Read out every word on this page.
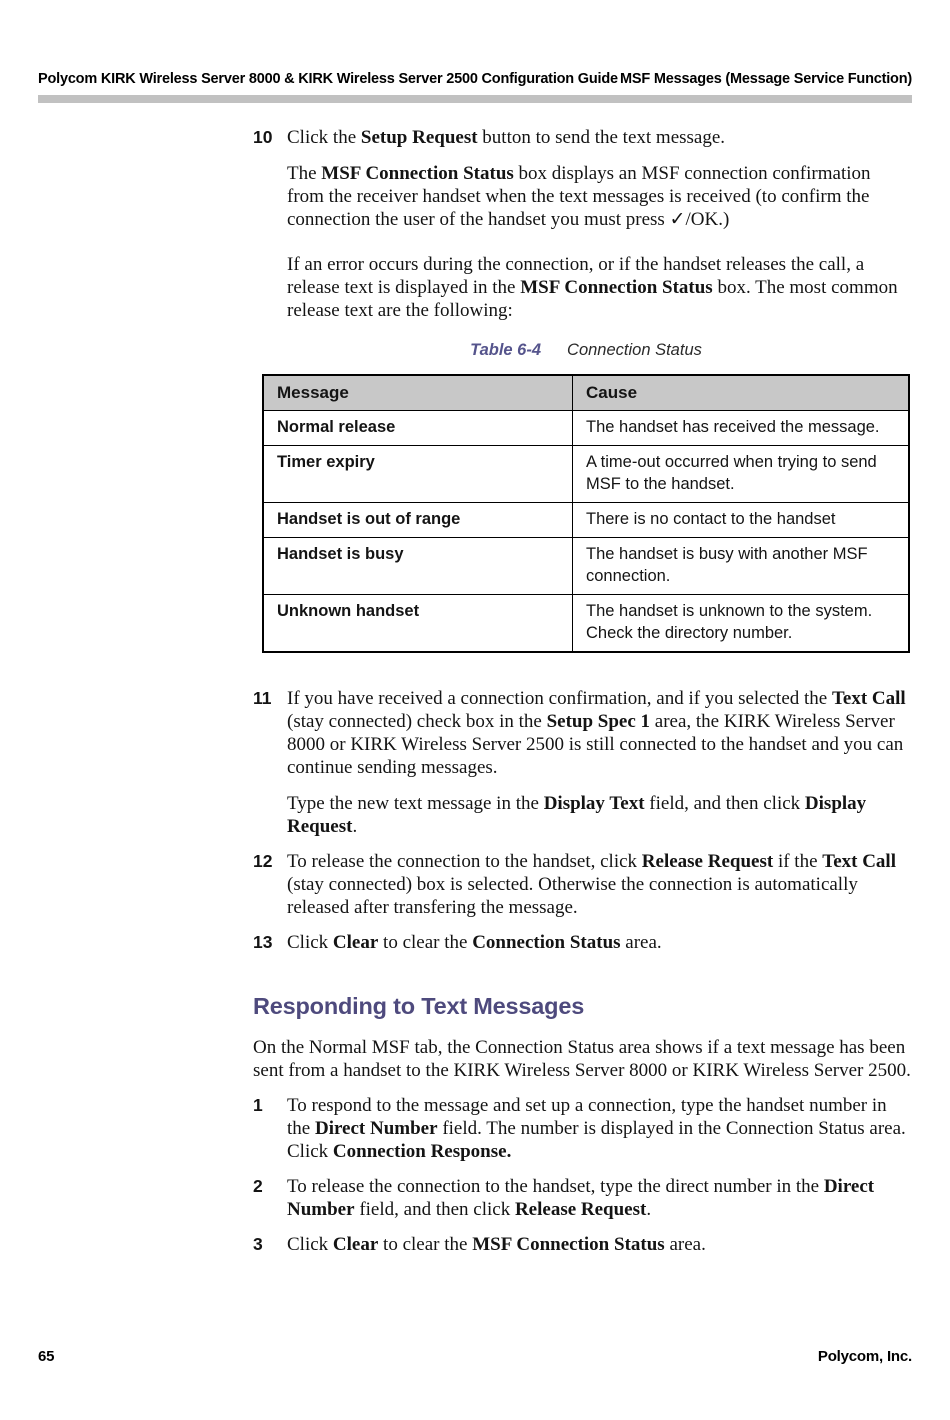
Polycom KIRK Wireless Server 8000 & KIRK Wireless Server 2500 Configuration Guide MSF Messages (Message Service Function)
10 Click the Setup Request button to send the text message.

The MSF Connection Status box displays an MSF connection confirmation from the receiver handset when the text messages is received (to confirm the connection the user of the handset you must press ✓/OK.)

If an error occurs during the connection, or if the handset releases the call, a release text is displayed in the MSF Connection Status box. The most common release text are the following:

Table 6-4 Connection Status
Message	Cause
Normal release	The handset has received the message.
Timer expiry	A time-out occurred when trying to send MSF to the handset.
Handset is out of range	There is no contact to the handset
Handset is busy	The handset is busy with another MSF connection.
Unknown handset	The handset is unknown to the system. Check the directory number.
11 If you have received a connection confirmation, and if you selected the Text Call (stay connected) check box in the Setup Spec 1 area, the KIRK Wireless Server 8000 or KIRK Wireless Server 2500 is still connected to the handset and you can continue sending messages.

Type the new text message in the Display Text field, and then click Display Request.

12 To release the connection to the handset, click Release Request if the Text Call (stay connected) box is selected. Otherwise the connection is automatically released after transfering the message.

13 Click Clear to clear the Connection Status area.

Responding to Text Messages

On the Normal MSF tab, the Connection Status area shows if a text message has been sent from a handset to the KIRK Wireless Server 8000 or KIRK Wireless Server 2500.

1	To respond to the message and set up a connection, type the handset number in the Direct Number field. The number is displayed in the Connection Status area. Click Connection Response.

2	To release the connection to the handset, type the direct number in the Direct Number field, and then click Release Request.

3	Click Clear to clear the MSF Connection Status area.

65	Polycom, Inc.
